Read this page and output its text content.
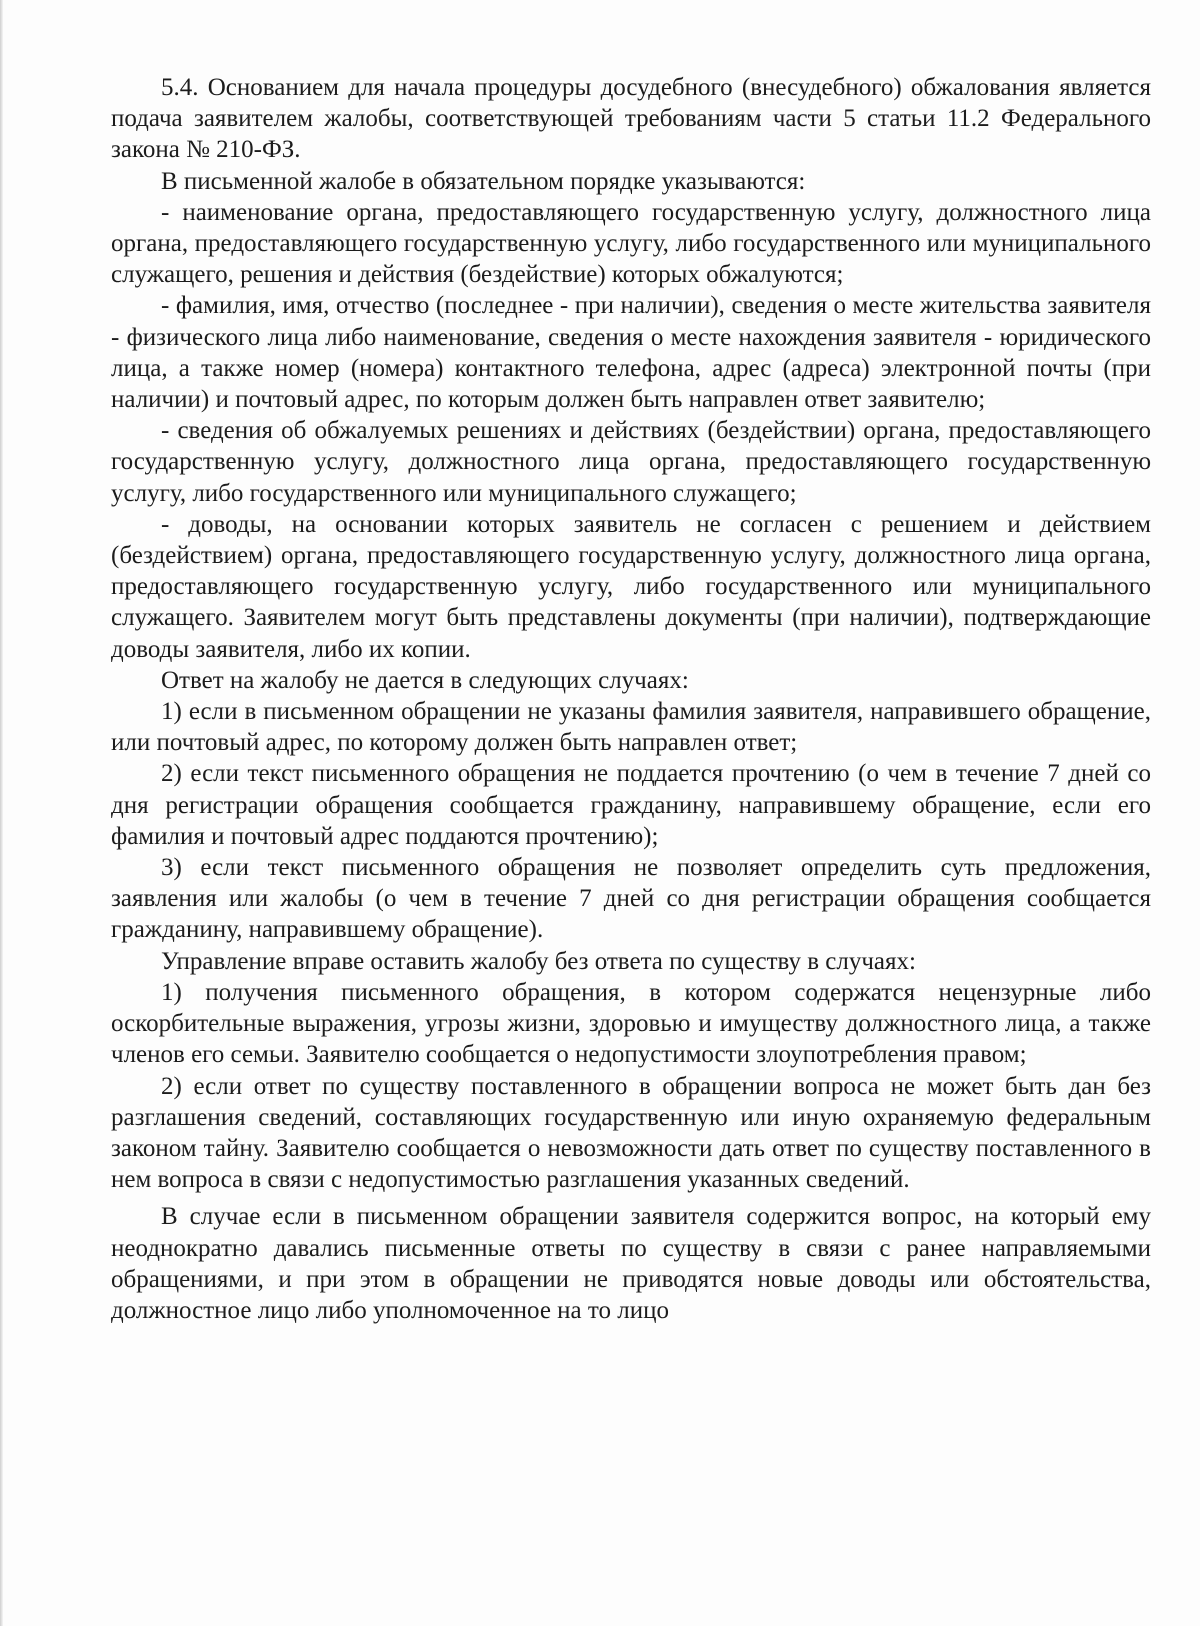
5.4. Основанием для начала процедуры досудебного (внесудебного) обжалования является подача заявителем жалобы, соответствующей требованиям части 5 статьи 11.2 Федерального закона № 210-ФЗ.

В письменной жалобе в обязательном порядке указываются:

- наименование органа, предоставляющего государственную услугу, должностного лица органа, предоставляющего государственную услугу, либо государственного или муниципального служащего, решения и действия (бездействие) которых обжалуются;

- фамилия, имя, отчество (последнее - при наличии), сведения о месте жительства заявителя - физического лица либо наименование, сведения о месте нахождения заявителя - юридического лица, а также номер (номера) контактного телефона, адрес (адреса) электронной почты (при наличии) и почтовый адрес, по которым должен быть направлен ответ заявителю;

- сведения об обжалуемых решениях и действиях (бездействии) органа, предоставляющего государственную услугу, должностного лица органа, предоставляющего государственную услугу, либо государственного или муниципального служащего;

- доводы, на основании которых заявитель не согласен с решением и действием (бездействием) органа, предоставляющего государственную услугу, должностного лица органа, предоставляющего государственную услугу, либо государственного или муниципального служащего. Заявителем могут быть представлены документы (при наличии), подтверждающие доводы заявителя, либо их копии.

Ответ на жалобу не дается в следующих случаях:

1) если в письменном обращении не указаны фамилия заявителя, направившего обращение, или почтовый адрес, по которому должен быть направлен ответ;

2) если текст письменного обращения не поддается прочтению (о чем в течение 7 дней со дня регистрации обращения сообщается гражданину, направившему обращение, если его фамилия и почтовый адрес поддаются прочтению);

3) если текст письменного обращения не позволяет определить суть предложения, заявления или жалобы (о чем в течение 7 дней со дня регистрации обращения сообщается гражданину, направившему обращение).

Управление вправе оставить жалобу без ответа по существу в случаях:

1) получения письменного обращения, в котором содержатся нецензурные либо оскорбительные выражения, угрозы жизни, здоровью и имуществу должностного лица, а также членов его семьи. Заявителю сообщается о недопустимости злоупотребления правом;

2) если ответ по существу поставленного в обращении вопроса не может быть дан без разглашения сведений, составляющих государственную или иную охраняемую федеральным законом тайну. Заявителю сообщается о невозможности дать ответ по существу поставленного в нем вопроса в связи с недопустимостью разглашения указанных сведений.

В случае если в письменном обращении заявителя содержится вопрос, на который ему неоднократно давались письменные ответы по существу в связи с ранее направляемыми обращениями, и при этом в обращении не приводятся новые доводы или обстоятельства, должностное лицо либо уполномоченное на то лицо
